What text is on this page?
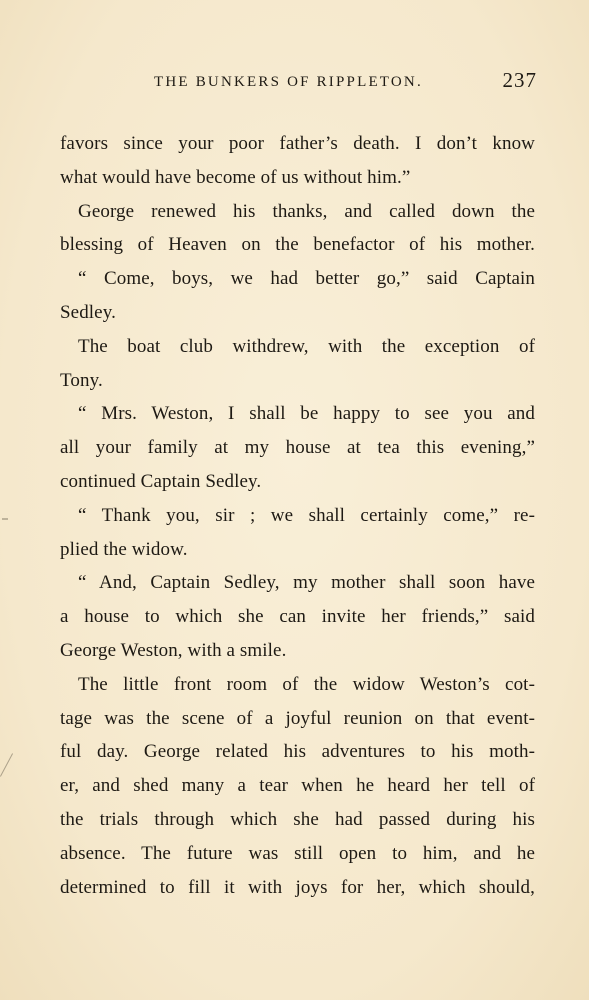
THE BUNKERS OF RIPPLETON.	237
favors since your poor father’s death. I don’t know
what would have become of us without him.”
George renewed his thanks, and called down the
blessing of Heaven on the benefactor of his mother.
“ Come, boys, we had better go,” said Captain
Sedley.
The boat club withdrew, with the exception of
Tony.
“ Mrs. Weston, I shall be happy to see you and
all your family at my house at tea this evening,”
continued Captain Sedley.
“ Thank you, sir ; we shall certainly come,” re-
plied the widow.
“ And, Captain Sedley, my mother shall soon have
a house to which she can invite her friends,” said
George Weston, with a smile.
The little front room of the widow Weston’s cot-
tage was the scene of a joyful reunion on that event-
ful day. George related his adventures to his moth-
er, and shed many a tear when he heard her tell of
the trials through which she had passed during his
absence. The future was still open to him, and he
determined to fill it with joys for her, which should,
